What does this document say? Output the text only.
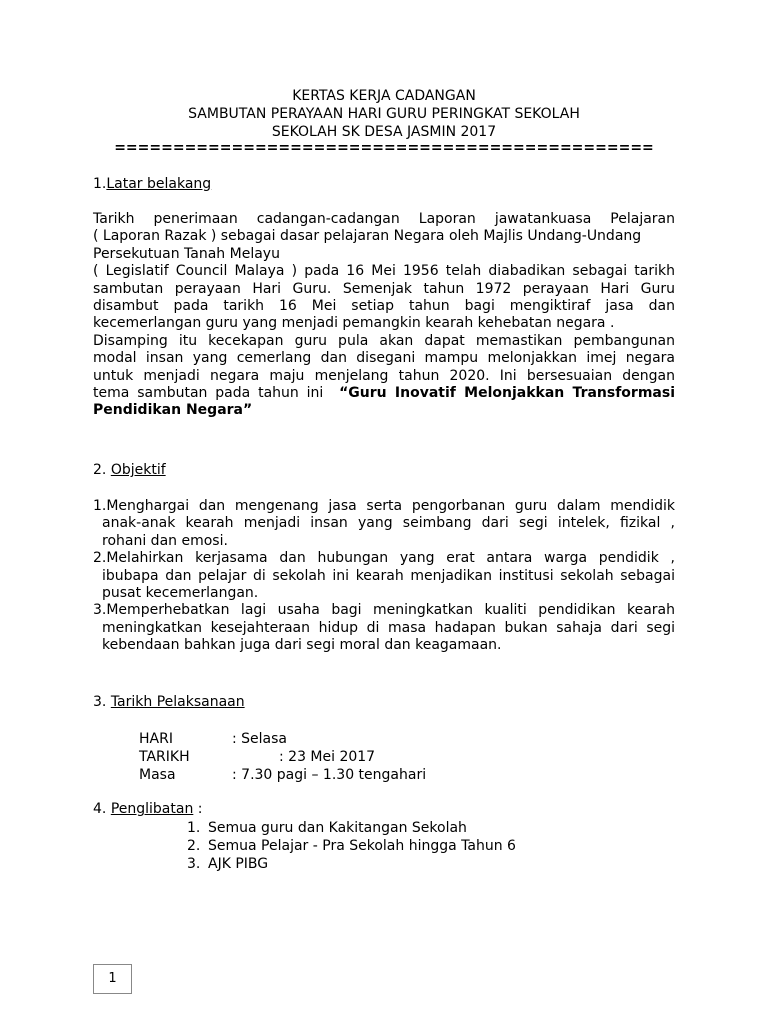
KERTAS KERJA CADANGAN
SAMBUTAN PERAYAAN HARI GURU PERINGKAT SEKOLAH
SEKOLAH SK DESA JASMIN 2017
==============================================
1.Latar belakang
Tarikh penerimaan cadangan-cadangan Laporan jawatankuasa Pelajaran
( Laporan Razak ) sebagai dasar pelajaran Negara oleh Majlis Undang-Undang
Persekutuan Tanah Melayu
( Legislatif Council Malaya ) pada 16 Mei 1956 telah diabadikan sebagai tarikh
sambutan perayaan Hari Guru. Semenjak tahun 1972 perayaan Hari Guru
disambut pada tarikh 16 Mei setiap tahun bagi mengiktiraf jasa dan
kecemerlangan guru yang menjadi pemangkin kearah kehebatan negara .
Disamping itu kecekapan guru pula akan dapat memastikan pembangunan
modal insan yang cemerlang dan disegani mampu melonjakkan imej negara
untuk menjadi negara maju menjelang tahun 2020. Ini bersesuaian dengan
tema sambutan pada tahun ini “Guru Inovatif Melonjakkan Transformasi
Pendidikan Negara”
2. Objektif
1.Menghargai dan mengenang jasa serta pengorbanan guru dalam mendidik
anak-anak kearah menjadi insan yang seimbang dari segi intelek, fizikal ,
rohani dan emosi.
2.Melahirkan kerjasama dan hubungan yang erat antara warga pendidik ,
ibubapa dan pelajar di sekolah ini kearah menjadikan institusi sekolah sebagai
pusat kecemerlangan.
3.Memperhebatkan lagi usaha bagi meningkatkan kualiti pendidikan kearah
meningkatkan kesejahteraan hidup di masa hadapan bukan sahaja dari segi
kebendaan bahkan juga dari segi moral dan keagamaan.
3. Tarikh Pelaksanaan
HARI	: Selasa
TARIKH	: 23 Mei 2017
Masa	: 7.30 pagi – 1.30 tengahari
4. Penglibatan :
1. Semua guru dan Kakitangan Sekolah
2. Semua Pelajar - Pra Sekolah hingga Tahun 6
3. AJK PIBG
1
